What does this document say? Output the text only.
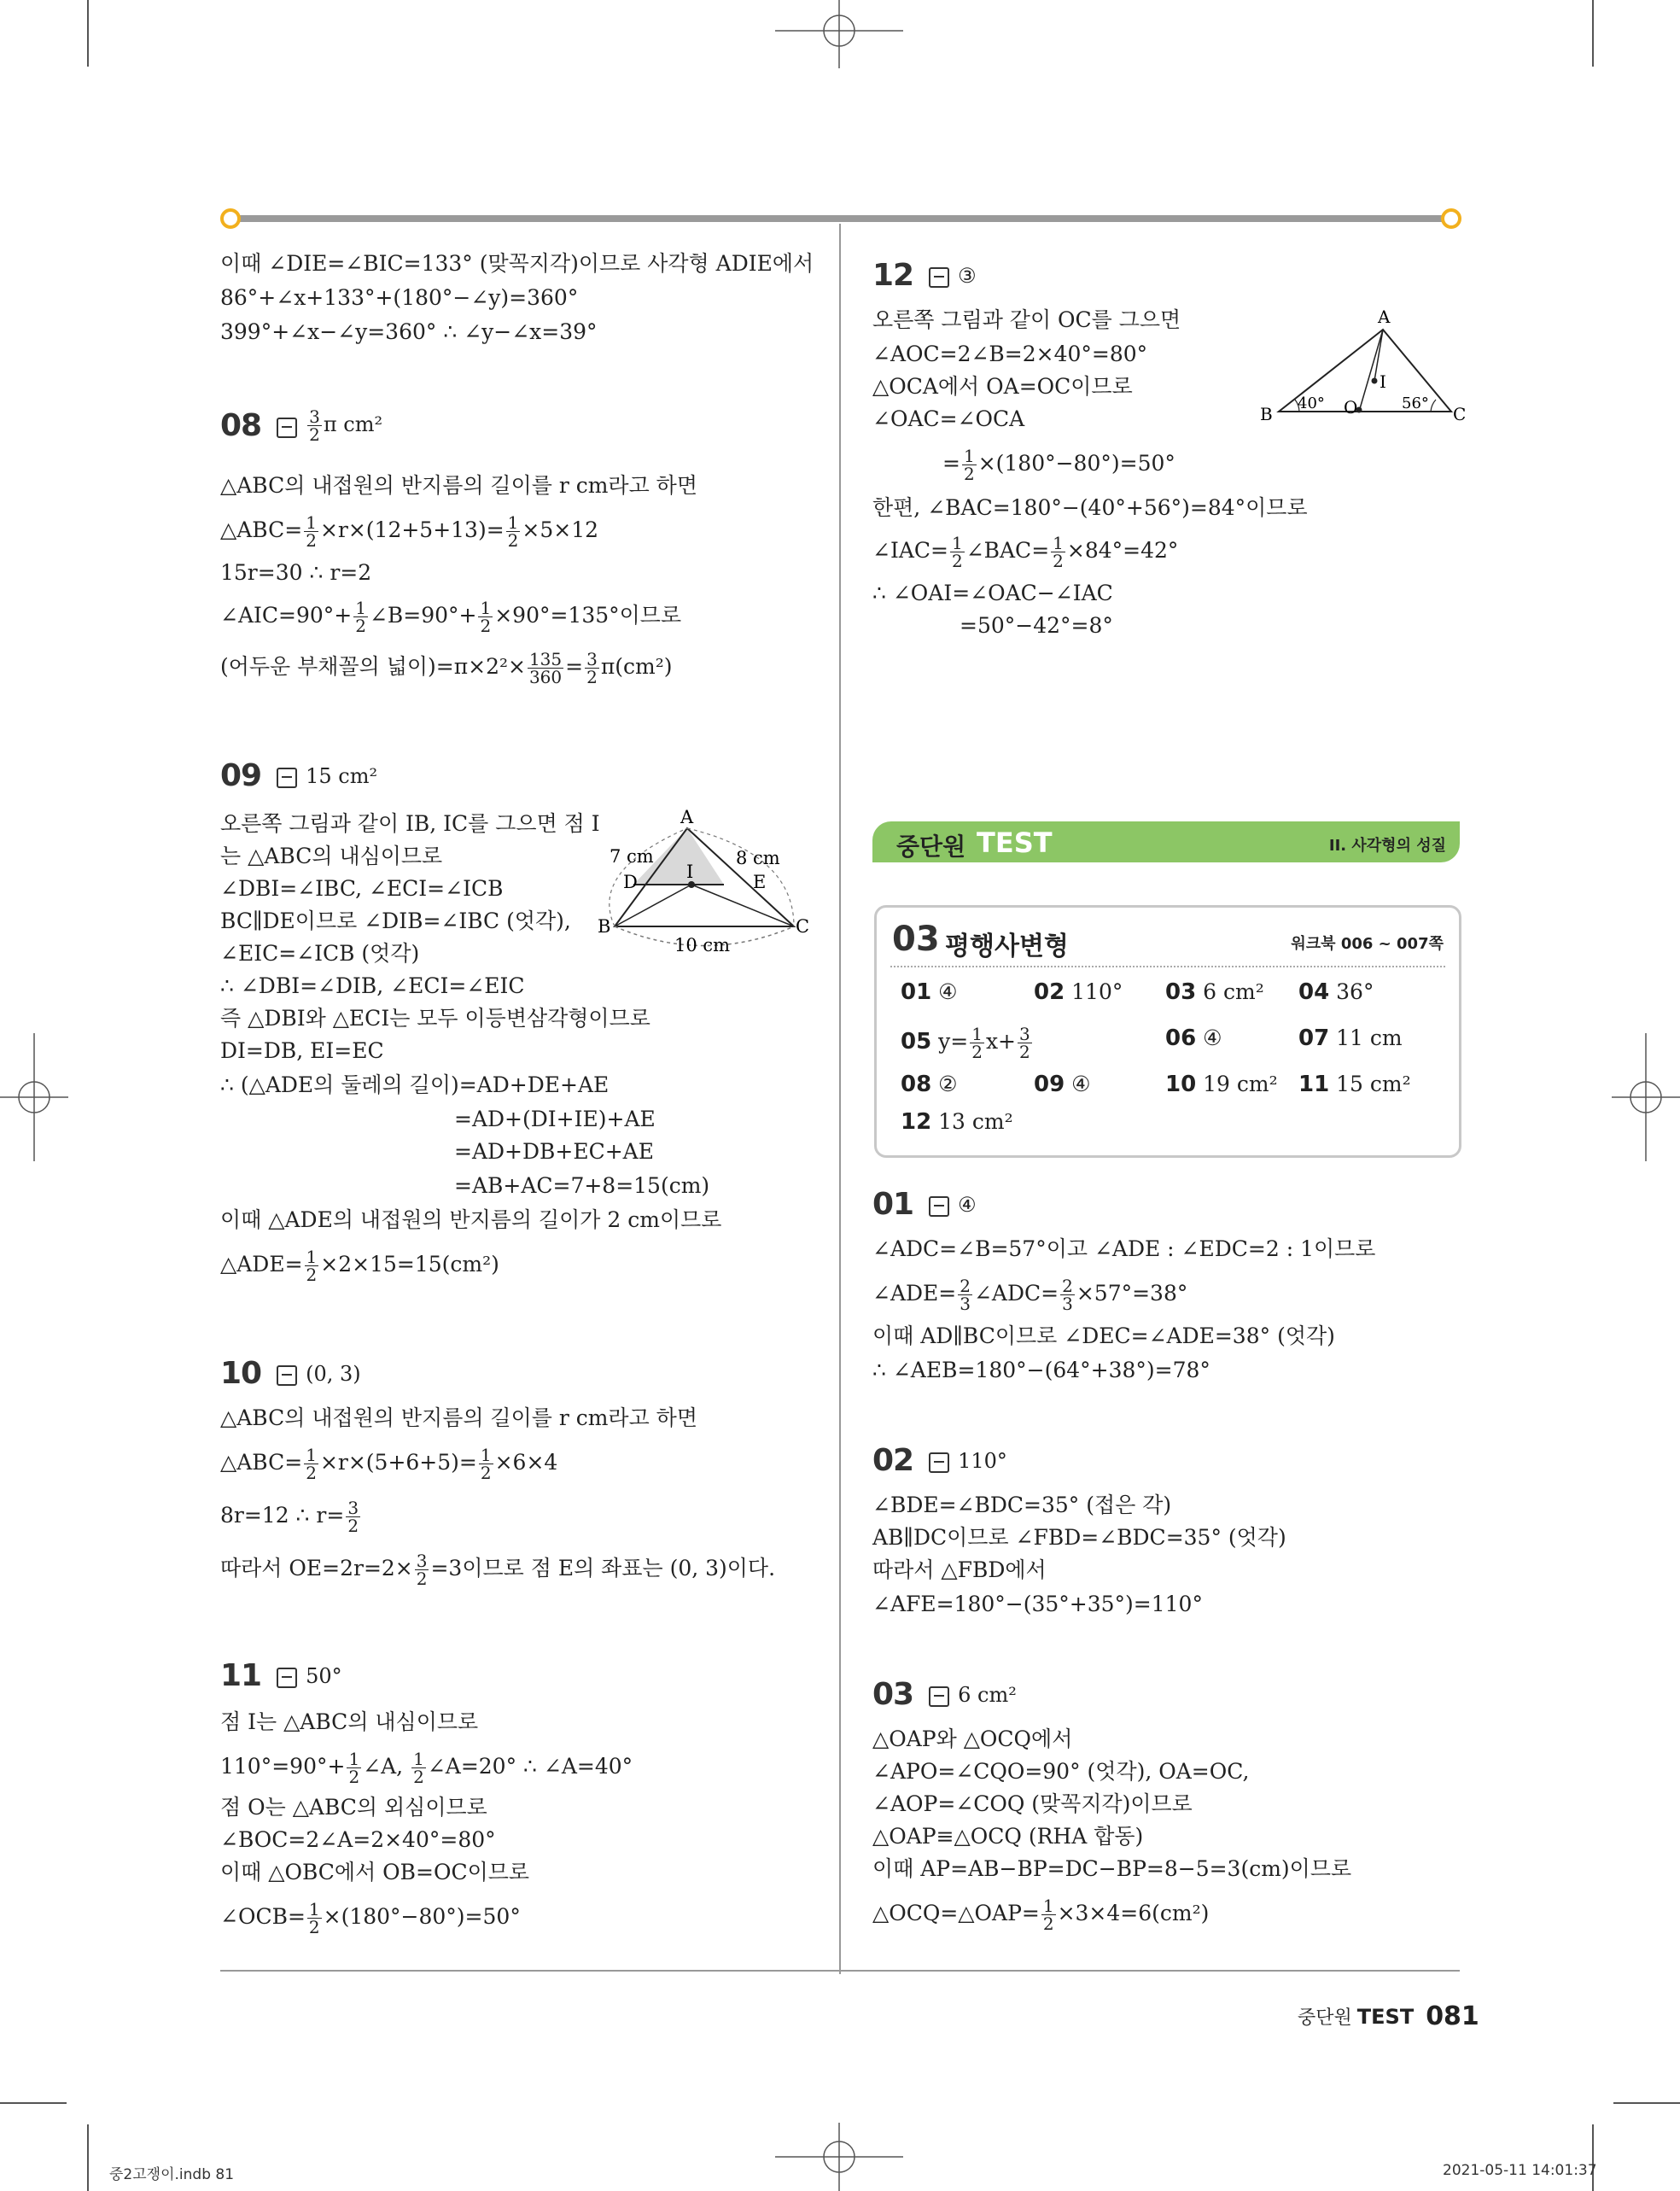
이때 ∠DIE=∠BIC=133° (맞꼭지각)이므로 사각형 ADIE에서
86°+∠x+133°+(180°−∠y)=360°
399°+∠x−∠y=360° ∴ ∠y−∠x=39°
08	$\frac{3}{2}$ π cm²
△ABC의 내접원의 반지름의 길이를 r cm라고 하면
△ABC= $\frac{1}{2} \times r\times(12+5+13)= \frac{1}{2} \times 5\times 12$
15r=30 ∴ r=2
∠AIC=90°+ $\frac{1}{2}$ ∠B=90°+ $\frac{1}{2} \times 90^\circ=135^\circ$이므로
(어두운 부채꼴의 넓이)$=\pi\times 2^2\times \frac{135}{360} = \frac{3}{2} \pi(cm^2)$
09 15 cm²
오른쪽 그림과 같이 IB, IC를 그으면 점 I
는 △ABC의 내심이므로
∠DBI=∠IBC, ∠ECI=∠ICB
BC∥DE이므로 ∠DIB=∠IBC (엇각),
∠EIC=∠ICB (엇각)
∴ ∠DBI=∠DIB, ∠ECI=∠EIC
즉 △DBI와 △ECI는 모두 이등변삼각형이므로
DI=DB, EI=EC
∴ (△ADE의 둘레의 길이)=AD+DE+AE
=AD+(DI+IE)+AE
=AD+DB+EC+AE
=AB+AC=7+8=15(cm)
이때 △ADE의 내접원의 반지름의 길이가 2 cm이므로
△ADE= $\frac{1}{2} \times 2\times 15=15(cm^2)$
A
B	C
D	E
I
7 cm	8 cm
10 cm
10 (0, 3)
△ABC의 내접원의 반지름의 길이를 r cm라고 하면
△ABC= $\frac{1}{2} \times r\times(5+6+5)= \frac{1}{2} \times 6\times 4$
8r=12 ∴ $r= \frac{3}{2}$
따라서 $OE=2r=2\times \frac{3}{2} =3$이므로 점 E의 좌표는 (0, 3)이다.
11 50°
점 I는 △ABC의 내심이므로
$110^\circ=90^\circ+ \frac{1}{2}$ ∠A, $\frac{1}{2}$ ∠A=20° ∴ ∠A=40°
점 O는 △ABC의 외심이므로
∠BOC=2∠A=2×40°=80°
이때 △OBC에서 OB=OC이므로
∠OCB= $\frac{1}{2} \times(180^\circ-80^\circ)=50^\circ$
12 ③
오른쪽 그림과 같이 OC를 그으면
∠AOC=2∠B=2×40°=80°
△OCA에서 OA=OC이므로
∠OAC=∠OCA
= $\frac{1}{2} \times(180^\circ-80^\circ)=50^\circ$
한편, ∠BAC=180°−(40°+56°)=84°이므로
∠IAC= $\frac{1}{2}$ ∠BAC= $\frac{1}{2} \times 84^\circ=42^\circ$
∴ ∠OAI=∠OAC−∠IAC
=50°−42°=8°
A
B	C
O
I
40°	56°
중단원 TEST	II. 사각형의 성질
03 평행사변형	워크북 006 ~ 007쪽
01 ④	02 110° 03 6 cm² 04 36°
05 $y= \frac{1}{2} x+ \frac{3}{2}$	06 ④	07 11 cm
08 ②	09 ④	10 19 cm² 11 15 cm²
12 13 cm²
01 ④
∠ADC=∠B=57°이고 ∠ADE : ∠EDC=2 : 1이므로
∠ADE= $\frac{2}{3}$ ∠ADC= $\frac{2}{3} \times 57^\circ=38^\circ$
이때 AD∥BC이므로 ∠DEC=∠ADE=38° (엇각)
∴ ∠AEB=180°−(64°+38°)=78°
02 110°
∠BDE=∠BDC=35° (접은 각)
AB∥DC이므로 ∠FBD=∠BDC=35° (엇각)
따라서 △FBD에서
∠AFE=180°−(35°+35°)=110°
03 6 cm²
△OAP와 △OCQ에서
∠APO=∠CQO=90° (엇각), OA=OC,
∠AOP=∠COQ (맞꼭지각)이므로
△OAP≡△OCQ (RHA 합동)
이때 AP=AB−BP=DC−BP=8−5=3(cm)이므로
△OCQ=△OAP= $\frac{1}{2} \times 3\times 4=6(cm^2)$
중단원 TEST 081
중2고쟁이.indb 81	2021-05-11 14:01:37
